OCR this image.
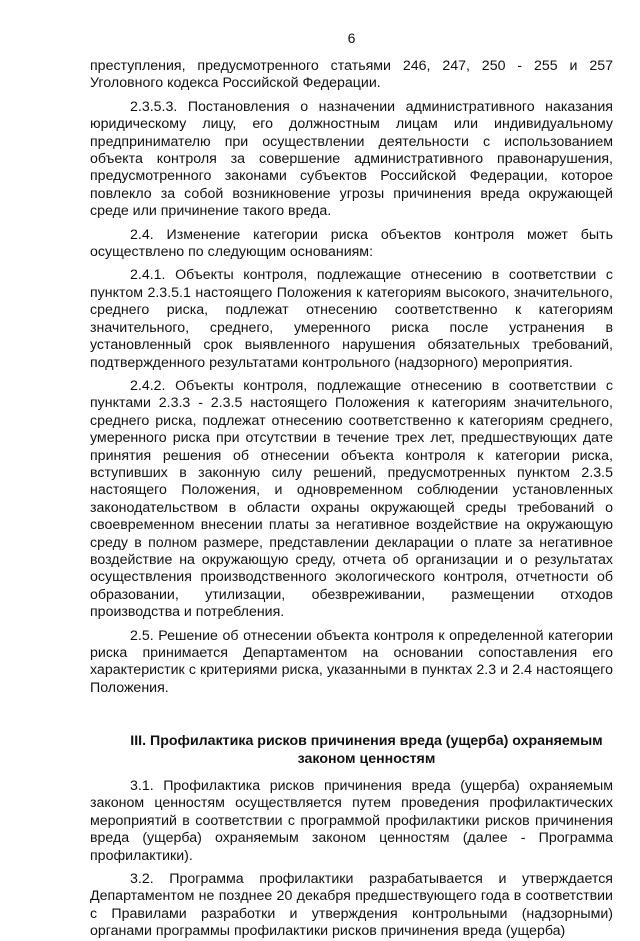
6

преступления, предусмотренного статьями 246, 247, 250 - 255 и 257 Уголовного кодекса Российской Федерации.

2.3.5.3. Постановления о назначении административного наказания юридическому лицу, его должностным лицам или индивидуальному предпринимателю при осуществлении деятельности с использованием объекта контроля за совершение административного правонарушения, предусмотренного законами субъектов Российской Федерации, которое повлекло за собой возникновение угрозы причинения вреда окружающей среде или причинение такого вреда.

2.4. Изменение категории риска объектов контроля может быть осуществлено по следующим основаниям:

2.4.1. Объекты контроля, подлежащие отнесению в соответствии с пунктом 2.3.5.1 настоящего Положения к категориям высокого, значительного, среднего риска, подлежат отнесению соответственно к категориям значительного, среднего, умеренного риска после устранения в установленный срок выявленного нарушения обязательных требований, подтвержденного результатами контрольного (надзорного) мероприятия.

2.4.2. Объекты контроля, подлежащие отнесению в соответствии с пунктами 2.3.3 - 2.3.5 настоящего Положения к категориям значительного, среднего риска, подлежат отнесению соответственно к категориям среднего, умеренного риска при отсутствии в течение трех лет, предшествующих дате принятия решения об отнесении объекта контроля к категории риска, вступивших в законную силу решений, предусмотренных пунктом 2.3.5 настоящего Положения, и одновременном соблюдении установленных законодательством в области охраны окружающей среды требований о своевременном внесении платы за негативное воздействие на окружающую среду в полном размере, представлении декларации о плате за негативное воздействие на окружающую среду, отчета об организации и о результатах осуществления производственного экологического контроля, отчетности об образовании, утилизации, обезвреживании, размещении отходов производства и потребления.

2.5. Решение об отнесении объекта контроля к определенной категории риска принимается Департаментом на основании сопоставления его характеристик с критериями риска, указанными в пунктах 2.3 и 2.4 настоящего Положения.

III. Профилактика рисков причинения вреда (ущерба) охраняемым законом ценностям

3.1. Профилактика рисков причинения вреда (ущерба) охраняемым законом ценностям осуществляется путем проведения профилактических мероприятий в соответствии с программой профилактики рисков причинения вреда (ущерба) охраняемым законом ценностям (далее - Программа профилактики).

3.2. Программа профилактики разрабатывается и утверждается Департаментом не позднее 20 декабря предшествующего года в соответствии с Правилами разработки и утверждения контрольными (надзорными) органами программы профилактики рисков причинения вреда (ущерба)
